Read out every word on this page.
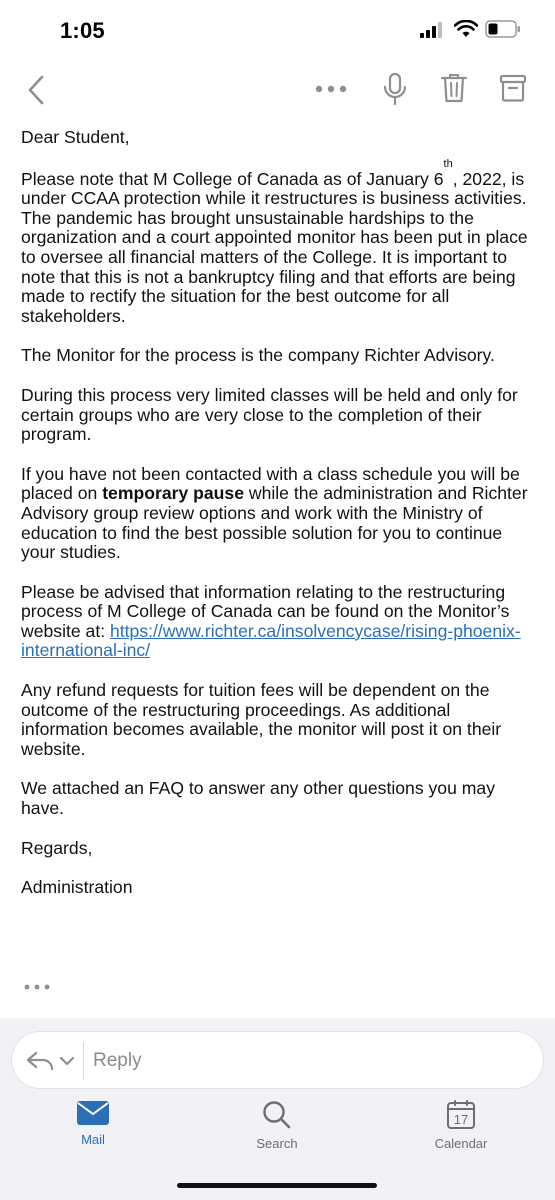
1:05

Dear Student,

Please note that M College of Canada as of January 6th, 2022, is under CCAA protection while it restructures is business activities. The pandemic has brought unsustainable hardships to the organization and a court appointed monitor has been put in place to oversee all financial matters of the College. It is important to note that this is not a bankruptcy filing and that efforts are being made to rectify the situation for the best outcome for all stakeholders.

The Monitor for the process is the company Richter Advisory.

During this process very limited classes will be held and only for certain groups who are very close to the completion of their program.

If you have not been contacted with a class schedule you will be placed on temporary pause while the administration and Richter Advisory group review options and work with the Ministry of education to find the best possible solution for you to continue your studies.

Please be advised that information relating to the restructuring process of M College of Canada can be found on the Monitor’s website at: https://www.richter.ca/insolvencycase/rising-phoenix-international-inc/

Any refund requests for tuition fees will be dependent on the outcome of the restructuring proceedings. As additional information becomes available, the monitor will post it on their website.

We attached an FAQ to answer any other questions you may have.

Regards,

Administration

Reply
Mail	Search
17
Calendar
